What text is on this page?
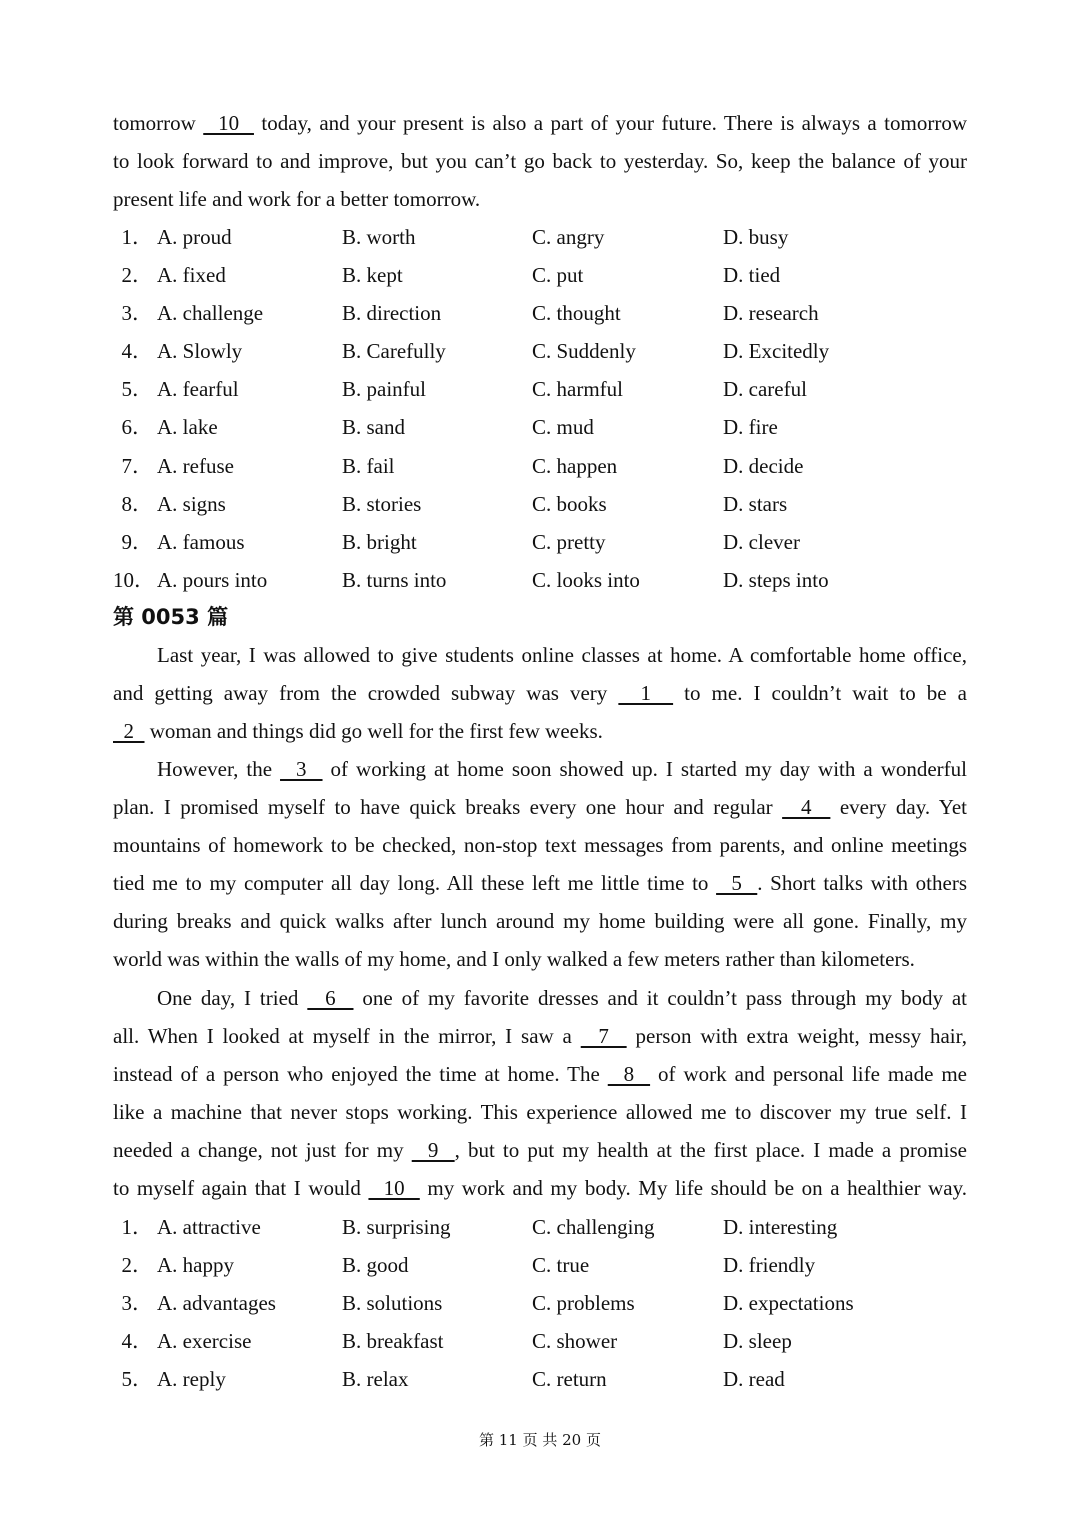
tomorrow   10   today, and your present is also a part of your future. There is always a tomorrow
to look forward to and improve, but you can’t go back to yesterday. So, keep the balance of your
present life and work for a better tomorrow.
1． A. proud	B. worth	C. angry	D. busy
2． A. fixed	B. kept	C. put	D. tied
3． A. challenge	B. direction	C. thought	D. research
4． A. Slowly	B. Carefully	C. Suddenly	D. Excitedly
5． A. fearful	B. painful	C. harmful	D. careful
6． A. lake	B. sand	C. mud	D. fire
7． A. refuse	B. fail	C. happen	D. decide
8． A. signs	B. stories	C. books	D. stars
9． A. famous	B. bright	C. pretty	D. clever
10． A. pours into	B. turns into	C. looks into	D. steps into
第 0053 篇
Last year, I was allowed to give students online classes at home. A comfortable home office,
and getting away from the crowded subway was very   1   to me. I couldn’t wait to be a
2   woman and things did go well for the first few weeks.
However, the   3   of working at home soon showed up. I started my day with a wonderful
plan. I promised myself to have quick breaks every one hour and regular   4   every day. Yet
mountains of homework to be checked, non-stop text messages from parents, and online meetings
tied me to my computer all day long. All these left me little time to   5  . Short talks with others
during breaks and quick walks after lunch around my home building were all gone. Finally, my
world was within the walls of my home, and I only walked a few meters rather than kilometers.
One day, I tried   6   one of my favorite dresses and it couldn’t pass through my body at
all. When I looked at myself in the mirror, I saw a   7   person with extra weight, messy hair,
instead of a person who enjoyed the time at home. The   8   of work and personal life made me
like a machine that never stops working. This experience allowed me to discover my true self. I
needed a change, not just for my   9  , but to put my health at the first place. I made a promise
to myself again that I would   10   my work and my body. My life should be on a healthier way.
1． A. attractive	B. surprising	C. challenging	D. interesting
2． A. happy	B. good	C. true	D. friendly
3． A. advantages	B. solutions	C. problems	D. expectations
4． A. exercise	B. breakfast	C. shower	D. sleep
5． A. reply	B. relax	C. return	D. read
第 11 页 共 20 页
